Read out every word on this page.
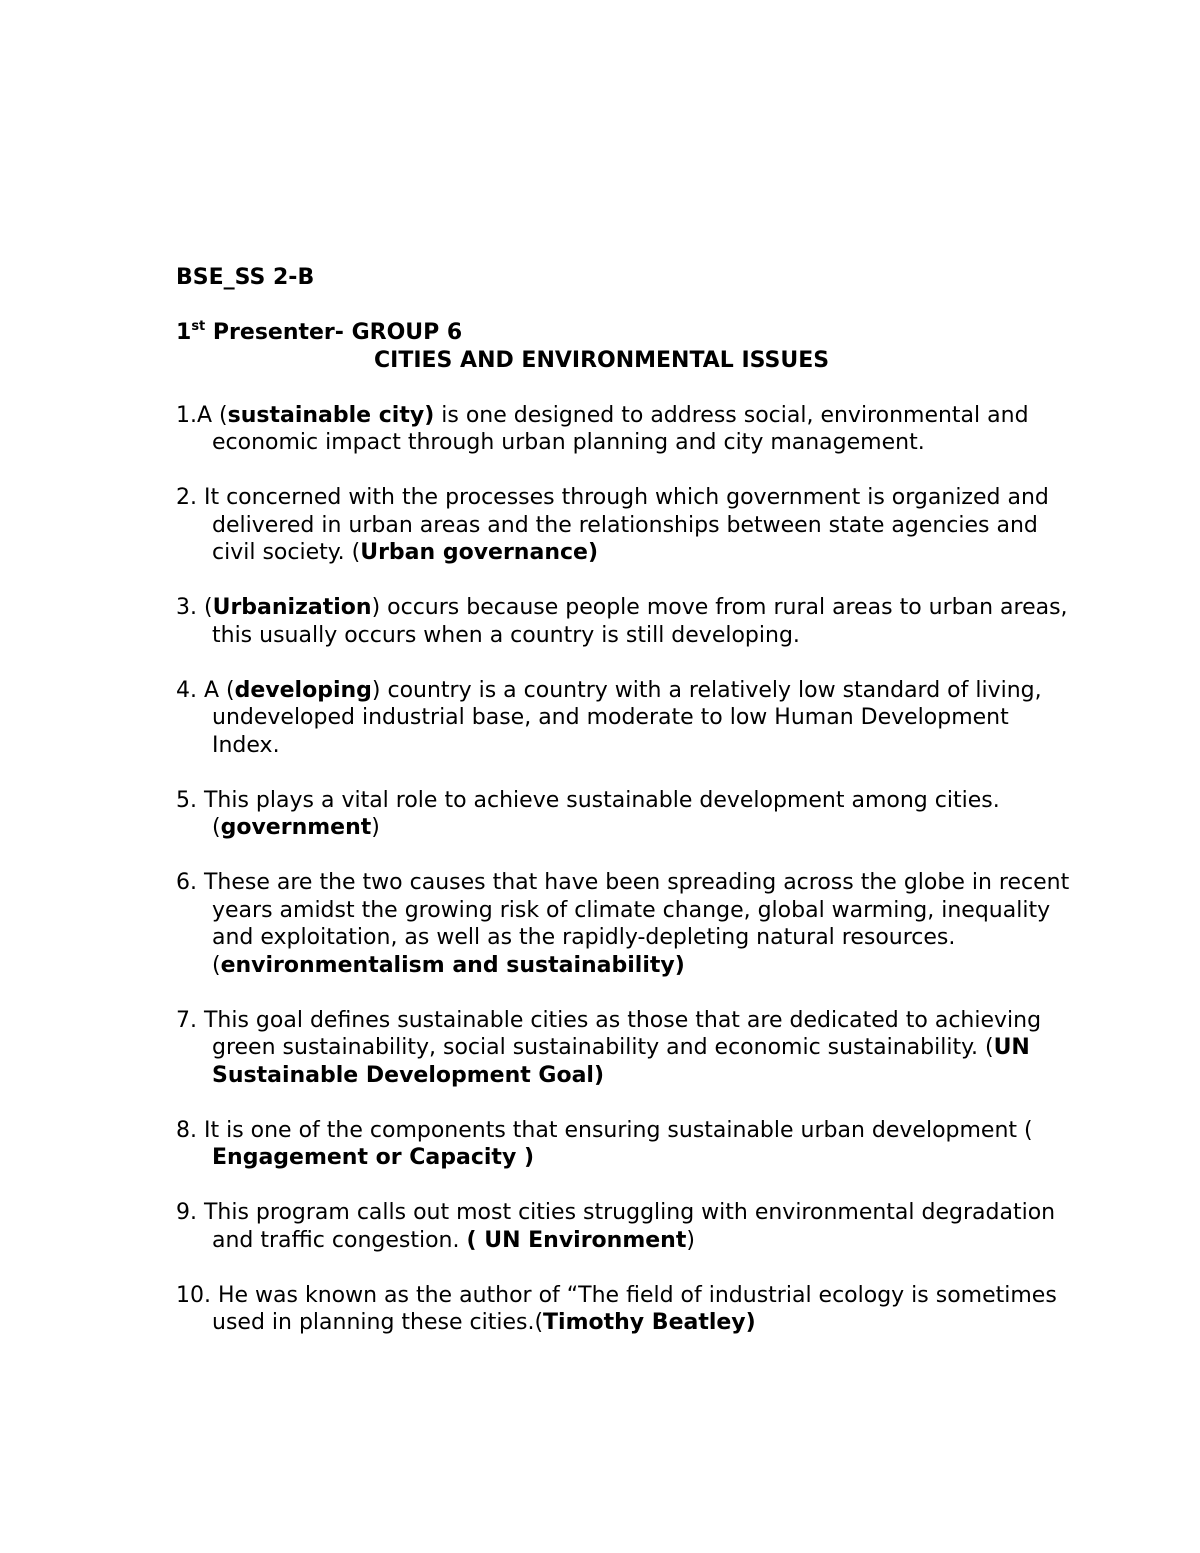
BSE_SS 2-B
1st Presenter- GROUP 6
CITIES AND ENVIRONMENTAL ISSUES

1.A (sustainable city) is one designed to address social, environmental and economic impact through urban planning and city management.

2. It concerned with the processes through which government is organized and delivered in urban areas and the relationships between state agencies and civil society. (Urban governance)

3. (Urbanization) occurs because people move from rural areas to urban areas, this usually occurs when a country is still developing.

4. A (developing) country is a country with a relatively low standard of living, undeveloped industrial base, and moderate to low Human Development Index.

5. This plays a vital role to achieve sustainable development among cities. (government)

6. These are the two causes that have been spreading across the globe in recent years amidst the growing risk of climate change, global warming, inequality and exploitation, as well as the rapidly-depleting natural resources. (environmentalism and sustainability)

7. This goal defines sustainable cities as those that are dedicated to achieving green sustainability, social sustainability and economic sustainability. (UN Sustainable Development Goal)

8. It is one of the components that ensuring sustainable urban development ( Engagement or Capacity )

9. This program calls out most cities struggling with environmental degradation and traffic congestion. ( UN Environment)

10. He was known as the author of “The field of industrial ecology is sometimes used in planning these cities.(Timothy Beatley)
